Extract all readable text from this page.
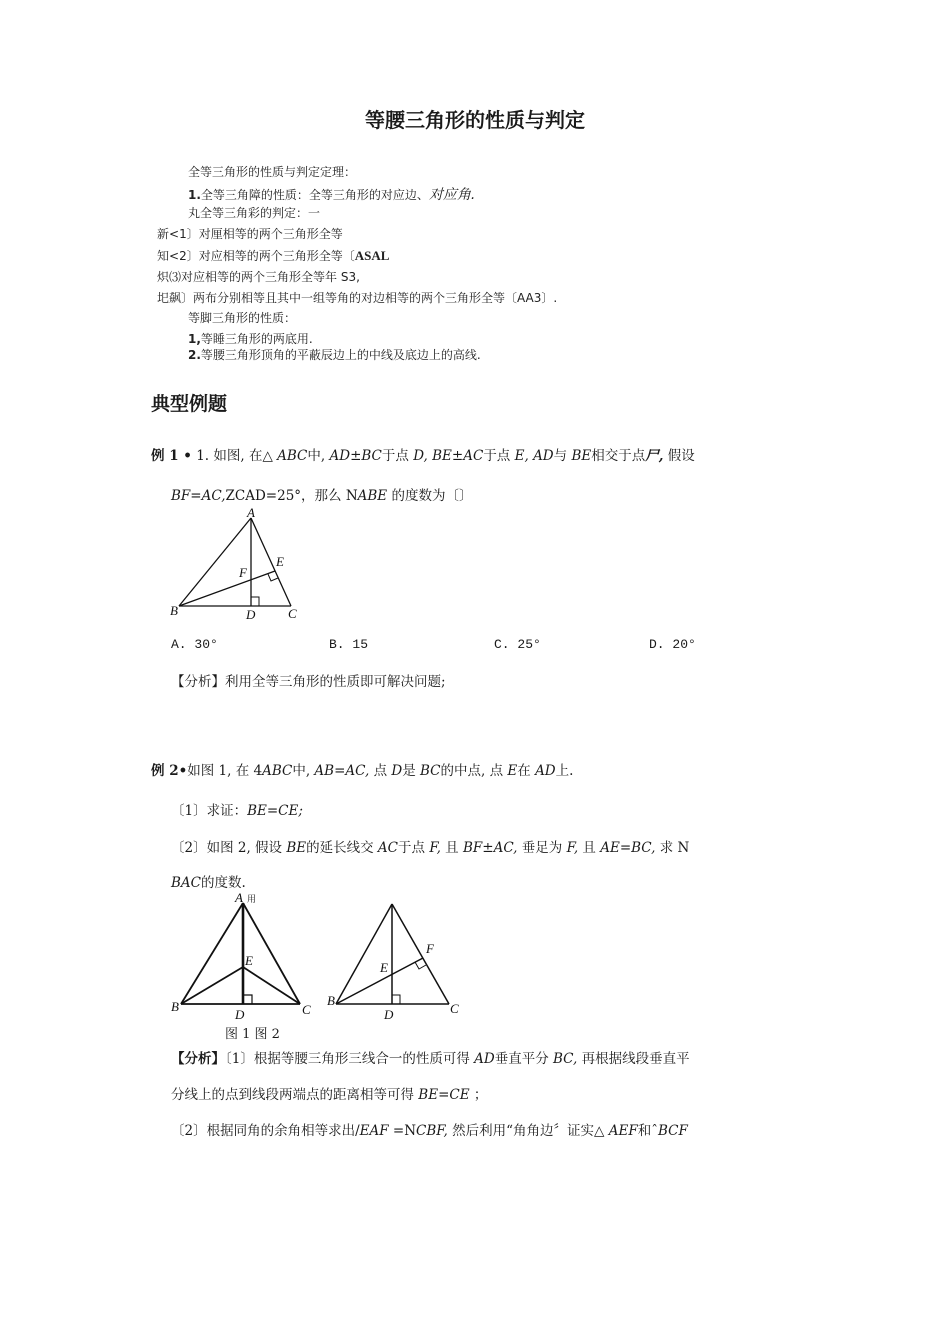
等腰三角形的性质与判定
全等三角形的性质与判定定理：
1.全等三角障的性质：全等三角形的对应边、对应角.
丸全等三角彩的判定：一
新<1〕对厘相等的两个三角形全等
知<2〕对应相等的两个三角形全等〔ASAL
炽⑶对应相等的两个三角形全等年 S3,
圯飙〕两布分别相等且其中一组等角的对边相等的两个三角形全等〔AA3〕.
等脚三角形的性质：
1,等睡三角形的两底用.
2.等腰三角形顶角的平蔽辰边上的中线及底边上的高线.
典型例题
例 1 • 1. 如图, 在△ ABC中, AD±BC于点 D, BE±AC于点 E, AD与 BE相交于点尸, 假设
BF=AC,ZCAD=25°，那么 NABE 的度数为〔〕
A
B	C
D
E
F
A. 30°	B. 15	C. 25°	D. 20°
【分析】利用全等三角形的性质即可解决问题;
例 2•如图 1, 在 4ABC中, AB=AC, 点 D是 BC的中点, 点 E在 AD上.
〔1〕求证：BE=CE;
〔2〕如图 2, 假设 BE的延长线交 AC于点 F, 且 BF±AC, 垂足为 F, 且 AE=BC, 求 N
BAC的度数.
A 用
B	C
D
E
B
C
D
E
F
图 1 图 2
【分析】〔1〕根据等腰三角形三线合一的性质可得 AD垂直平分 BC, 再根据线段垂直平
分线上的点到线段两端点的距离相等可得 BE=CE ；
〔2〕根据同角的余角相等求出/EAF =NCBF, 然后利用“角角边〞证实△ AEF和ˆBCF
